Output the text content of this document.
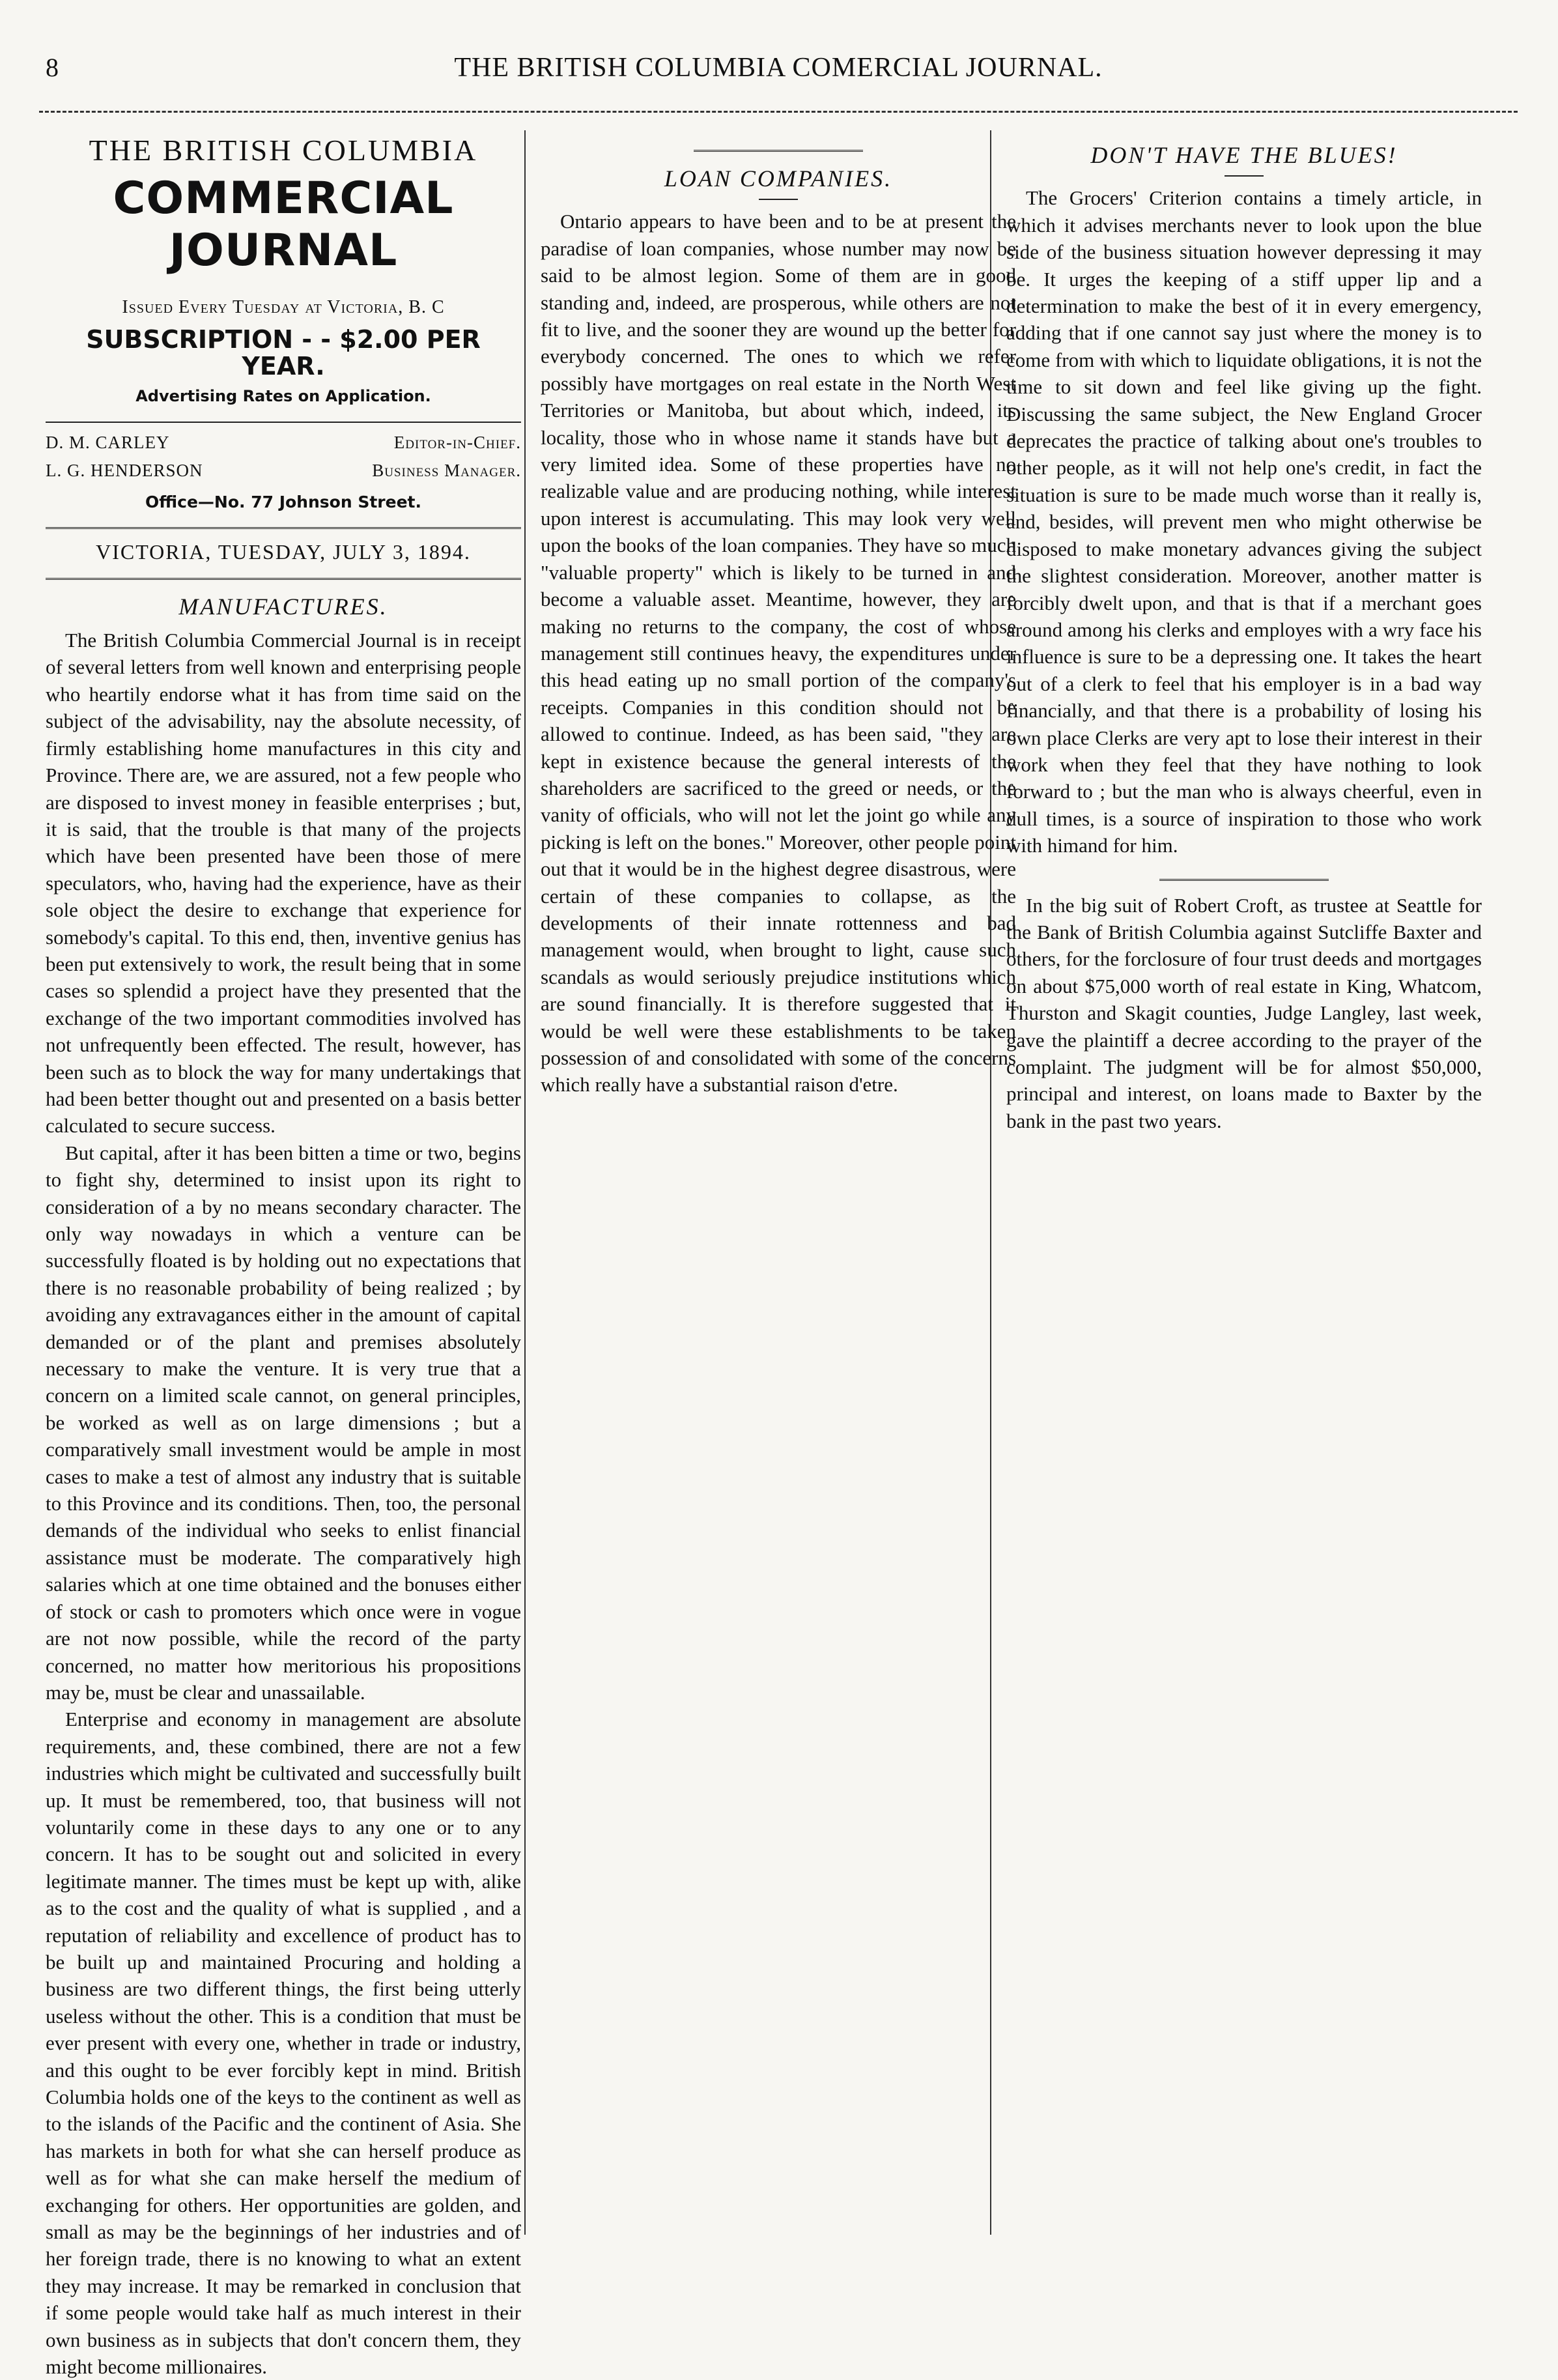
8	THE BRITISH COLUMBIA COMERCIAL JOURNAL.
THE BRITISH COLUMBIA
COMMERCIAL JOURNAL
Issued Every Tuesday at Victoria, B. C
SUBSCRIPTION - - $2.00 PER YEAR.
Advertising Rates on Application.
D. M. CARLEY	Editor-in-Chief.
L. G. HENDERSON	Business Manager.
Office—No. 77 Johnson Street.
VICTORIA, TUESDAY, JULY 3, 1894.
MANUFACTURES.

The British Columbia Commercial Journal is in receipt of several letters from well known and enterprising people who heartily endorse what it has from time said on the subject of the advisability, nay the absolute necessity, of firmly establishing home manufactures in this city and Province. There are, we are assured, not a few people who are disposed to invest money in feasible enterprises ; but, it is said, that the trouble is that many of the projects which have been presented have been those of mere speculators, who, having had the experience, have as their sole object the desire to exchange that experience for somebody's capital. To this end, then, inventive genius has been put extensively to work, the result being that in some cases so splendid a project have they presented that the exchange of the two important commodities involved has not unfrequently been effected. The result, however, has been such as to block the way for many undertakings that had been better thought out and presented on a basis better calculated to secure success.

But capital, after it has been bitten a time or two, begins to fight shy, determined to insist upon its right to consideration of a by no means secondary character. The only way nowadays in which a venture can be successfully floated is by holding out no expectations that there is no reasonable probability of being realized ; by avoiding any extravagances either in the amount of capital demanded or of the plant and premises absolutely necessary to make the venture. It is very true that a concern on a limited scale cannot, on general principles, be worked as well as on large dimensions ; but a comparatively small investment would be ample in most cases to make a test of almost any industry that is suitable to this Province and its conditions. Then, too, the personal demands of the individual who seeks to enlist financial assistance must be moderate. The comparatively high salaries which at one time obtained and the bonuses either of stock or cash to promoters which once were in vogue are not now possible, while the record of the party concerned, no matter how meritorious his propositions may be, must be clear and unassailable.

Enterprise and economy in management are absolute requirements, and, these combined, there are not a few industries which might be cultivated and successfully built up. It must be remembered, too, that business will not voluntarily come in these days to any one or to any concern. It has to be sought out and solicited in every legitimate manner. The times must be kept up with, alike as to the cost and the quality of what is supplied , and a reputation of reliability and excellence of product has to be built up and maintained Procuring and holding a business are two different things, the first being utterly useless without the other. This is a condition that must be ever present with every one, whether in trade or industry, and this ought to be ever forcibly kept in mind. British Columbia holds one of the keys to the continent as well as to the islands of the Pacific and the continent of Asia. She has markets in both for what she can herself produce as well as for what she can make herself the medium of exchanging for others. Her opportunities are golden, and small as may be the beginnings of her industries and of her foreign trade, there is no knowing to what an extent they may increase. It may be remarked in conclusion that if some people would take half as much interest in their own business as in subjects that don't concern them, they might become millionaires.

LOAN COMPANIES.

Ontario appears to have been and to be at present the paradise of loan companies, whose number may now be said to be almost legion. Some of them are in good standing and, indeed, are prosperous, while others are not fit to live, and the sooner they are wound up the better for everybody concerned. The ones to which we refer possibly have mortgages on real estate in the North West Territories or Manitoba, but about which, indeed, its locality, those who in whose name it stands have but a very limited idea. Some of these properties have no realizable value and are producing nothing, while interest upon interest is accumulating. This may look very well upon the books of the loan companies. They have so much "valuable property" which is likely to be turned in and become a valuable asset. Meantime, however, they are making no returns to the company, the cost of whose management still continues heavy, the expenditures under this head eating up no small portion of the company's receipts. Companies in this condition should not be allowed to continue. Indeed, as has been said, "they are kept in existence because the general interests of the shareholders are sacrificed to the greed or needs, or the vanity of officials, who will not let the joint go while any picking is left on the bones." Moreover, other people point out that it would be in the highest degree disastrous, were certain of these companies to collapse, as the developments of their innate rottenness and bad management would, when brought to light, cause such scandals as would seriously prejudice institutions which are sound financially. It is therefore suggested that it would be well were these establishments to be taken possession of and consolidated with some of the concerns which really have a substantial raison d'etre.

DON'T HAVE THE BLUES!

The Grocers' Criterion contains a timely article, in which it advises merchants never to look upon the blue side of the business situation however depressing it may be. It urges the keeping of a stiff upper lip and a determination to make the best of it in every emergency, adding that if one cannot say just where the money is to come from with which to liquidate obligations, it is not the time to sit down and feel like giving up the fight. Discussing the same subject, the New England Grocer deprecates the practice of talking about one's troubles to other people, as it will not help one's credit, in fact the situation is sure to be made much worse than it really is, and, besides, will prevent men who might otherwise be disposed to make monetary advances giving the subject the slightest consideration. Moreover, another matter is forcibly dwelt upon, and that is that if a merchant goes around among his clerks and employes with a wry face his influence is sure to be a depressing one. It takes the heart out of a clerk to feel that his employer is in a bad way financially, and that there is a probability of losing his own place Clerks are very apt to lose their interest in their work when they feel that they have nothing to look forward to ; but the man who is always cheerful, even in dull times, is a source of inspiration to those who work with himand for him.

In the big suit of Robert Croft, as trustee at Seattle for the Bank of British Columbia against Sutcliffe Baxter and others, for the forclosure of four trust deeds and mortgages on about $75,000 worth of real estate in King, Whatcom, Thurston and Skagit counties, Judge Langley, last week, gave the plaintiff a decree according to the prayer of the complaint. The judgment will be for almost $50,000, principal and interest, on loans made to Baxter by the bank in the past two years.
